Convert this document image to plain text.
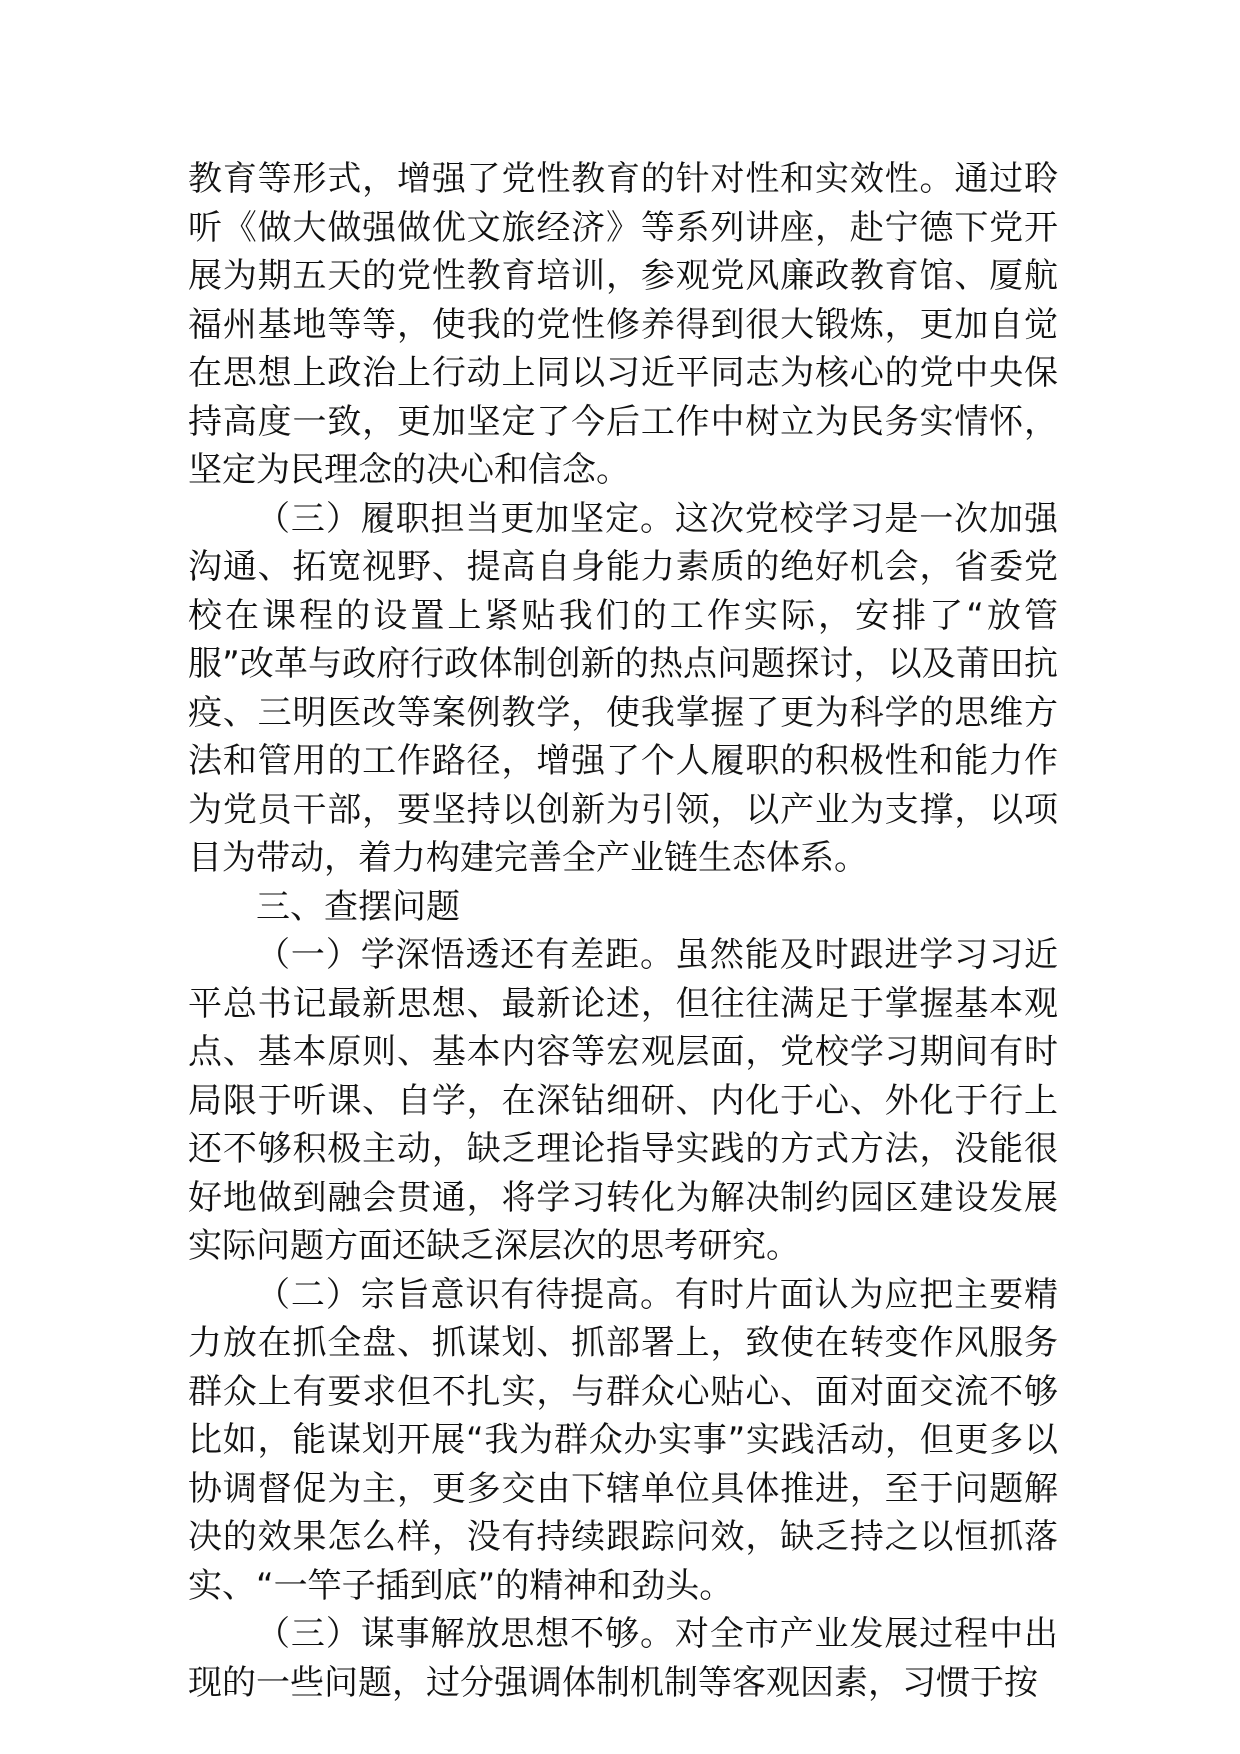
教育等形式，增强了党性教育的针对性和实效性。通过聆听《做大做强做优文旅经济》等系列讲座，赴宁德下党开展为期五天的党性教育培训，参观党风廉政教育馆、厦航福州基地等等，使我的党性修养得到很大锻炼，更加自觉在思想上政治上行动上同以习近平同志为核心的党中央保持高度一致，更加坚定了今后工作中树立为民务实情怀，坚定为民理念的决心和信念。

（三）履职担当更加坚定。这次党校学习是一次加强沟通、拓宽视野、提高自身能力素质的绝好机会，省委党校在课程的设置上紧贴我们的工作实际，安排了“放管服”改革与政府行政体制创新的热点问题探讨，以及莆田抗疫、三明医改等案例教学，使我掌握了更为科学的思维方法和管用的工作路径，增强了个人履职的积极性和能力作为党员干部，要坚持以创新为引领，以产业为支撑，以项目为带动，着力构建完善全产业链生态体系。

三、查摆问题

（一）学深悟透还有差距。虽然能及时跟进学习习近平总书记最新思想、最新论述，但往往满足于掌握基本观点、基本原则、基本内容等宏观层面，党校学习期间有时局限于听课、自学，在深钻细研、内化于心、外化于行上还不够积极主动，缺乏理论指导实践的方式方法，没能很好地做到融会贯通，将学习转化为解决制约园区建设发展实际问题方面还缺乏深层次的思考研究。

（二）宗旨意识有待提高。有时片面认为应把主要精力放在抓全盘、抓谋划、抓部署上，致使在转变作风服务群众上有要求但不扎实，与群众心贴心、面对面交流不够比如，能谋划开展“我为群众办实事”实践活动，但更多以协调督促为主，更多交由下辖单位具体推进，至于问题解决的效果怎么样，没有持续跟踪问效，缺乏持之以恒抓落实、“一竿子插到底”的精神和劲头。

（三）谋事解放思想不够。对全市产业发展过程中出现的一些问题，过分强调体制机制等客观因素，习惯于按
